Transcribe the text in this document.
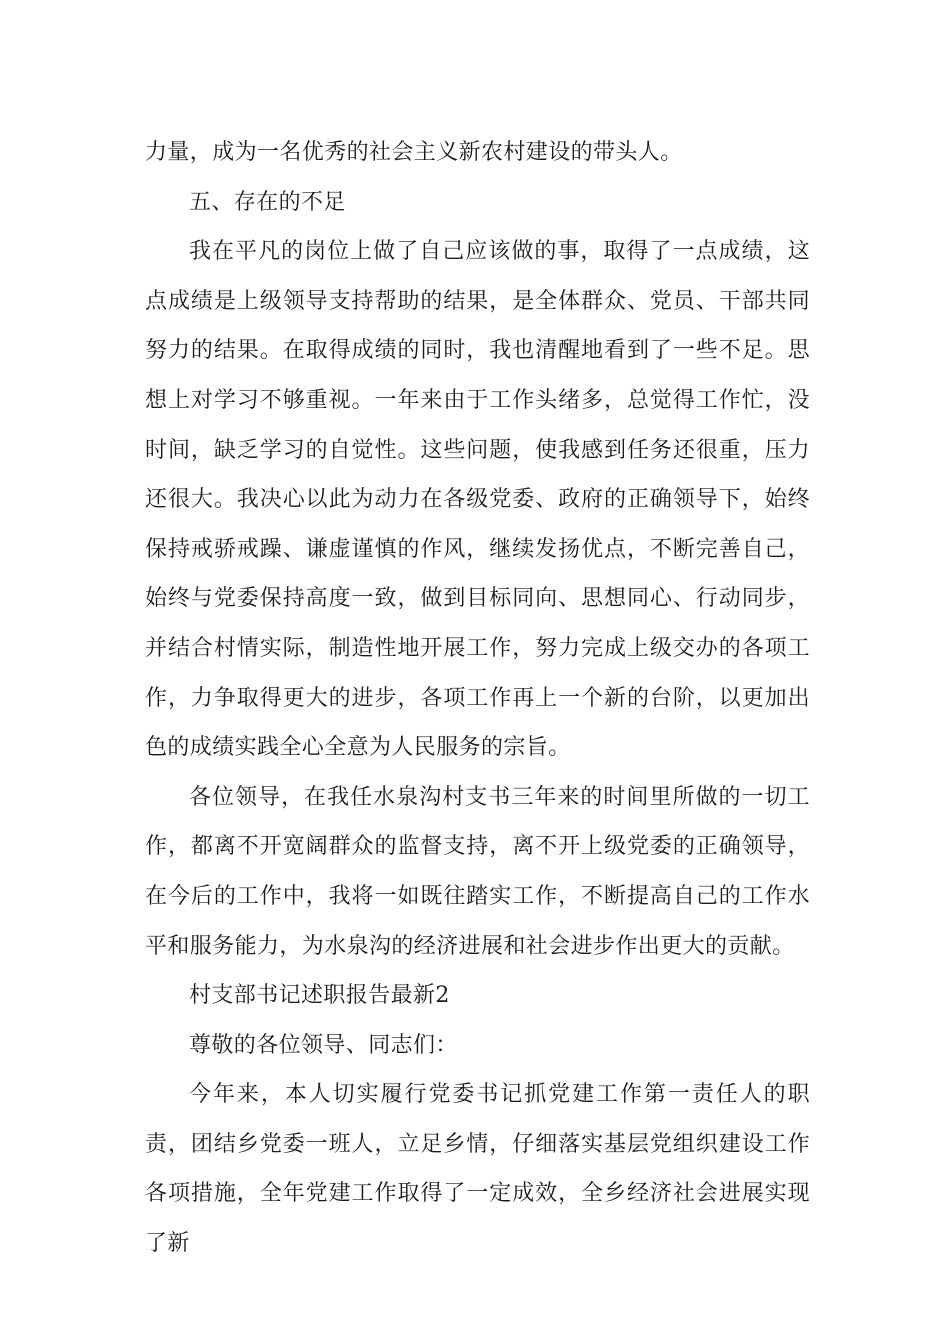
力量，成为一名优秀的社会主义新农村建设的带头人。

五、存在的不足

我在平凡的岗位上做了自己应该做的事，取得了一点成绩，这点成绩是上级领导支持帮助的结果，是全体群众、党员、干部共同努力的结果。在取得成绩的同时，我也清醒地看到了一些不足。思想上对学习不够重视。一年来由于工作头绪多，总觉得工作忙，没时间，缺乏学习的自觉性。这些问题，使我感到任务还很重，压力还很大。我决心以此为动力在各级党委、政府的正确领导下，始终保持戒骄戒躁、谦虚谨慎的作风，继续发扬优点，不断完善自己，始终与党委保持高度一致，做到目标同向、思想同心、行动同步，并结合村情实际，制造性地开展工作，努力完成上级交办的各项工作，力争取得更大的进步，各项工作再上一个新的台阶，以更加出色的成绩实践全心全意为人民服务的宗旨。

各位领导，在我任水泉沟村支书三年来的时间里所做的一切工作，都离不开宽阔群众的监督支持，离不开上级党委的正确领导，在今后的工作中，我将一如既往踏实工作，不断提高自己的工作水平和服务能力，为水泉沟的经济进展和社会进步作出更大的贡献。

村支部书记述职报告最新2

尊敬的各位领导、同志们：

今年来，本人切实履行党委书记抓党建工作第一责任人的职责，团结乡党委一班人，立足乡情，仔细落实基层党组织建设工作各项措施，全年党建工作取得了一定成效，全乡经济社会进展实现了新
